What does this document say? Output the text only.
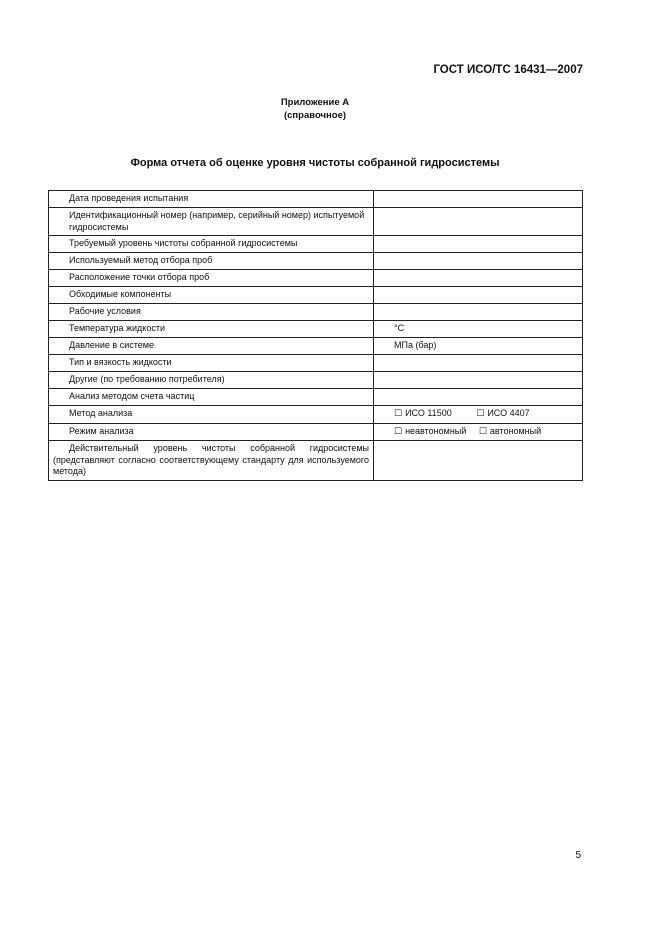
ГОСТ ИСО/ТС 16431—2007
Приложение А
(справочное)
Форма отчета об оценке уровня чистоты собранной гидросистемы
Дата проведения испытания	
Идентификационный номер (например, серийный номер) испытуемой гидросистемы	
Требуемый уровень чистоты собранной гидросистемы	
Используемый метод отбора проб	
Расположение точки отбора проб	
Обходимые компоненты	
Рабочие условия	
Температура жидкости	°C
Давление в системе	МПа (бар)
Тип и вязкость жидкости	
Другие (по требованию потребителя)	
Анализ методом счета частиц	
Метод анализа	☐ ИСО 11500 ☐ ИСО 4407
Режим анализа	☐ неавтономный ☐ автономный

Действительный уровень чистоты собранной гидросистемы (представляют согласно соответствующему стандарту для используемого метода)	

5
